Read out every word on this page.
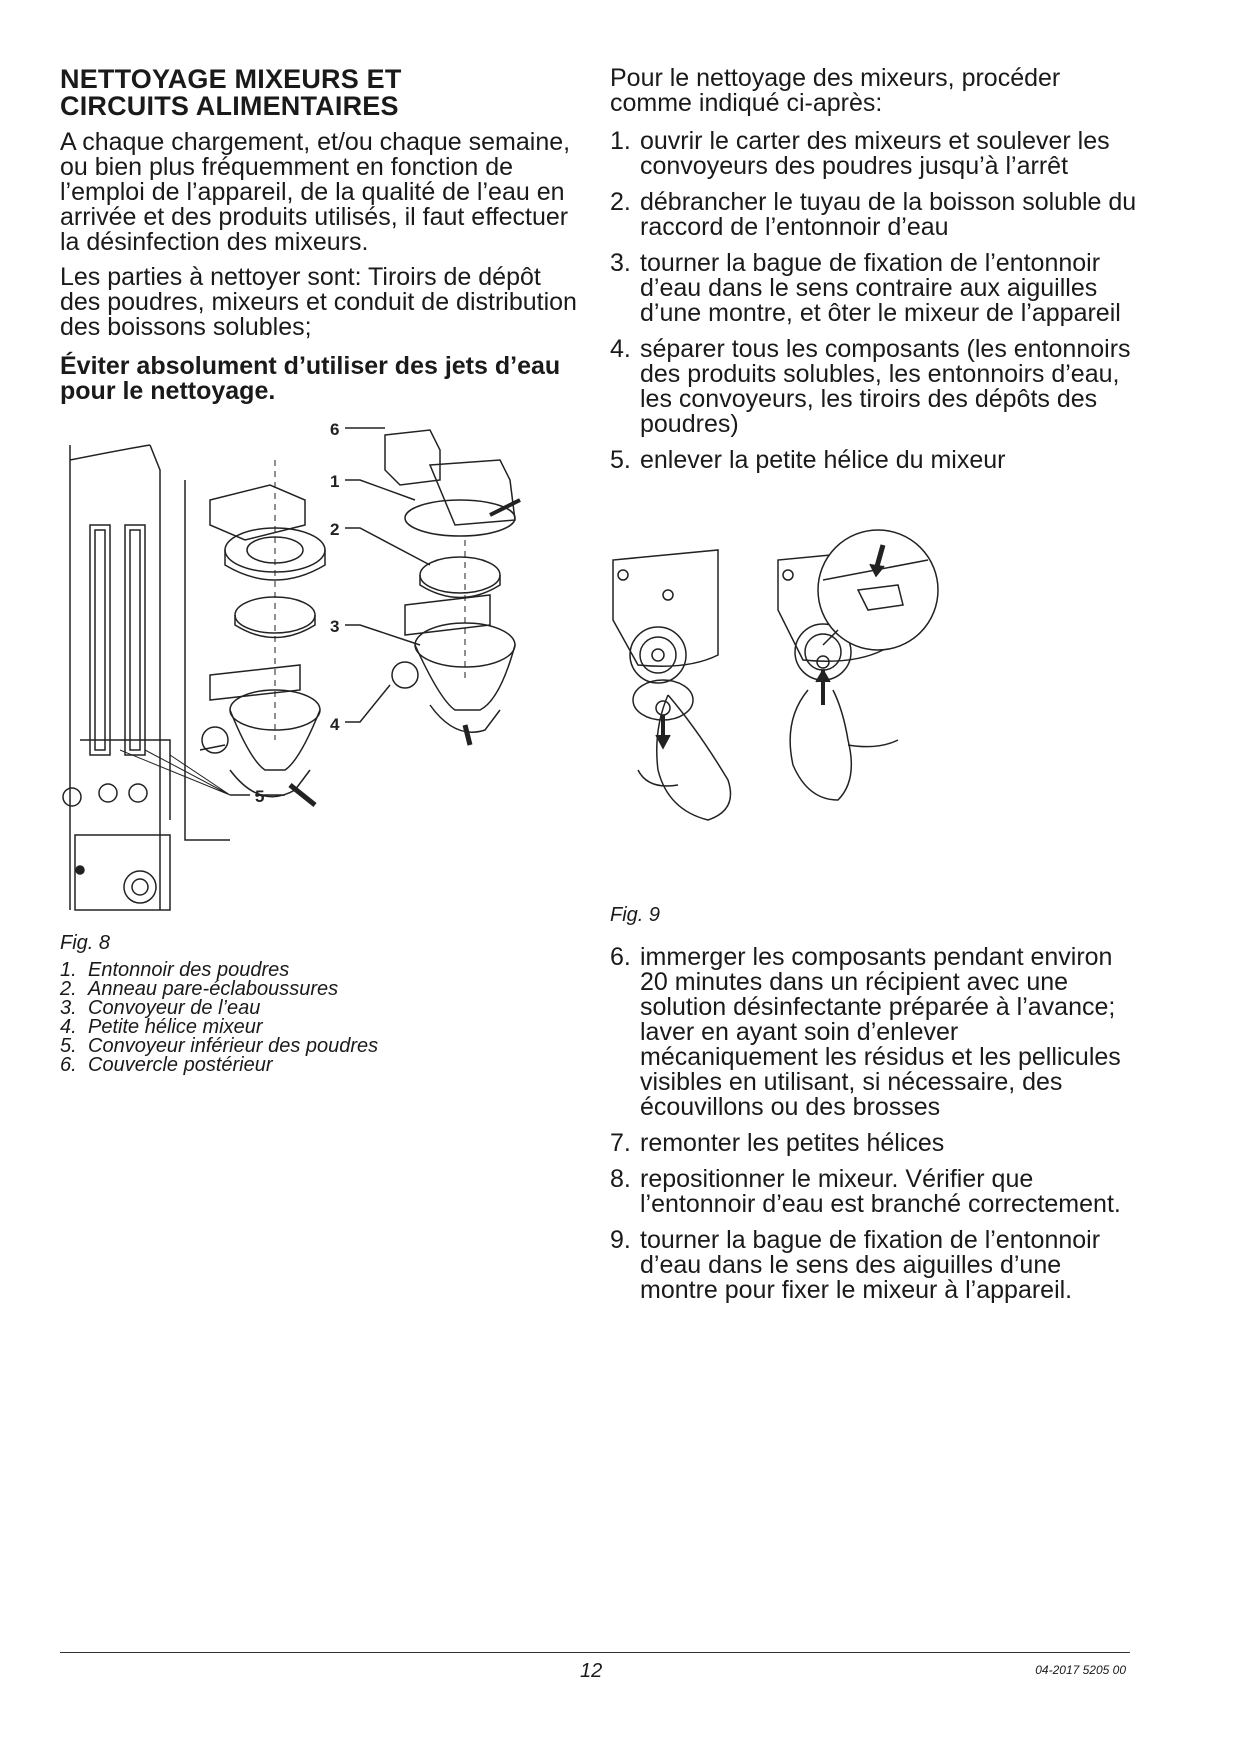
NETTOYAGE MIXEURS ET
CIRCUITS ALIMENTAIRES

A chaque chargement, et/ou chaque semaine, ou bien plus fréquemment en fonction de l’emploi de l’appareil, de la qualité de l’eau en arrivée et des produits utilisés, il faut effectuer la désinfection des mixeurs.

Les parties à nettoyer sont: Tiroirs de dépôt des poudres, mixeurs et conduit de distribution des boissons solubles;

Éviter absolument d’utiliser des jets d’eau pour le nettoyage.

6
1
2
3
4
5
Fig. 8
1. Entonnoir des poudres
2. Anneau pare-éclaboussures
3. Convoyeur de l’eau
4. Petite hélice mixeur
5. Convoyeur inférieur des poudres
6. Couvercle postérieur

Pour le nettoyage des mixeurs, procéder comme indiqué ci-après:

1. ouvrir le carter des mixeurs et soulever les convoyeurs des poudres jusqu’à l’arrêt
2. débrancher le tuyau de la boisson soluble du raccord de l’entonnoir d’eau
3. tourner la bague de fixation de l’entonnoir d’eau dans le sens contraire aux aiguilles d’une montre, et ôter le mixeur de l’appareil
4. séparer tous les composants (les entonnoirs des produits solubles, les entonnoirs d’eau, les convoyeurs, les tiroirs des dépôts des poudres)
5. enlever la petite hélice du mixeur
Fig. 9
6. immerger les composants pendant environ 20 minutes dans un récipient avec une solution désinfectante préparée à l’avance; laver en ayant soin d’enlever mécaniquement les résidus et les pellicules visibles en utilisant, si nécessaire, des écouvillons ou des brosses
7. remonter les petites hélices
8. repositionner le mixeur. Vérifier que l’entonnoir d’eau est branché correctement.
9. tourner la bague de fixation de l’entonnoir d’eau dans le sens des aiguilles d’une montre pour fixer le mixeur à l’appareil.
12	04-2017 5205 00
